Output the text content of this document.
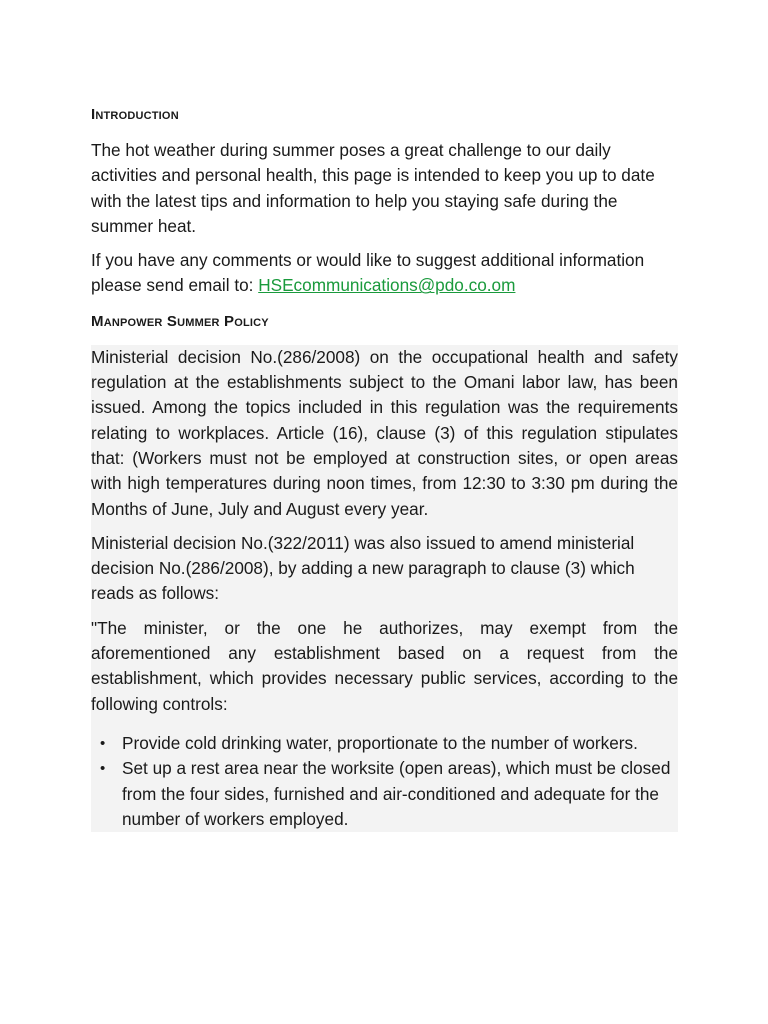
Introduction
The hot weather during summer poses a great challenge to our daily activities and personal health, this page is intended to keep you up to date with the latest tips and information to help you staying safe during the summer heat.
If you have any comments or would like to suggest additional information please send email to: HSEcommunications@pdo.co.om
Manpower Summer Policy
Ministerial decision No.(286/2008) on the occupational health and safety regulation at the establishments subject to the Omani labor law, has been issued. Among the topics included in this regulation was the requirements relating to workplaces. Article (16), clause (3) of this regulation stipulates that: (Workers must not be employed at construction sites, or open areas with high temperatures during noon times, from 12:30 to 3:30 pm during the Months of June, July and August every year.
Ministerial decision No.(322/2011) was also issued to amend ministerial decision No.(286/2008), by adding a new paragraph to clause (3) which reads as follows:
"The minister, or the one he authorizes, may exempt from the aforementioned any establishment based on a request from the establishment, which provides necessary public services, according to the following controls:
• Provide cold drinking water, proportionate to the number of workers.
• Set up a rest area near the worksite (open areas), which must be closed from the four sides, furnished and air-conditioned and adequate for the number of workers employed.
